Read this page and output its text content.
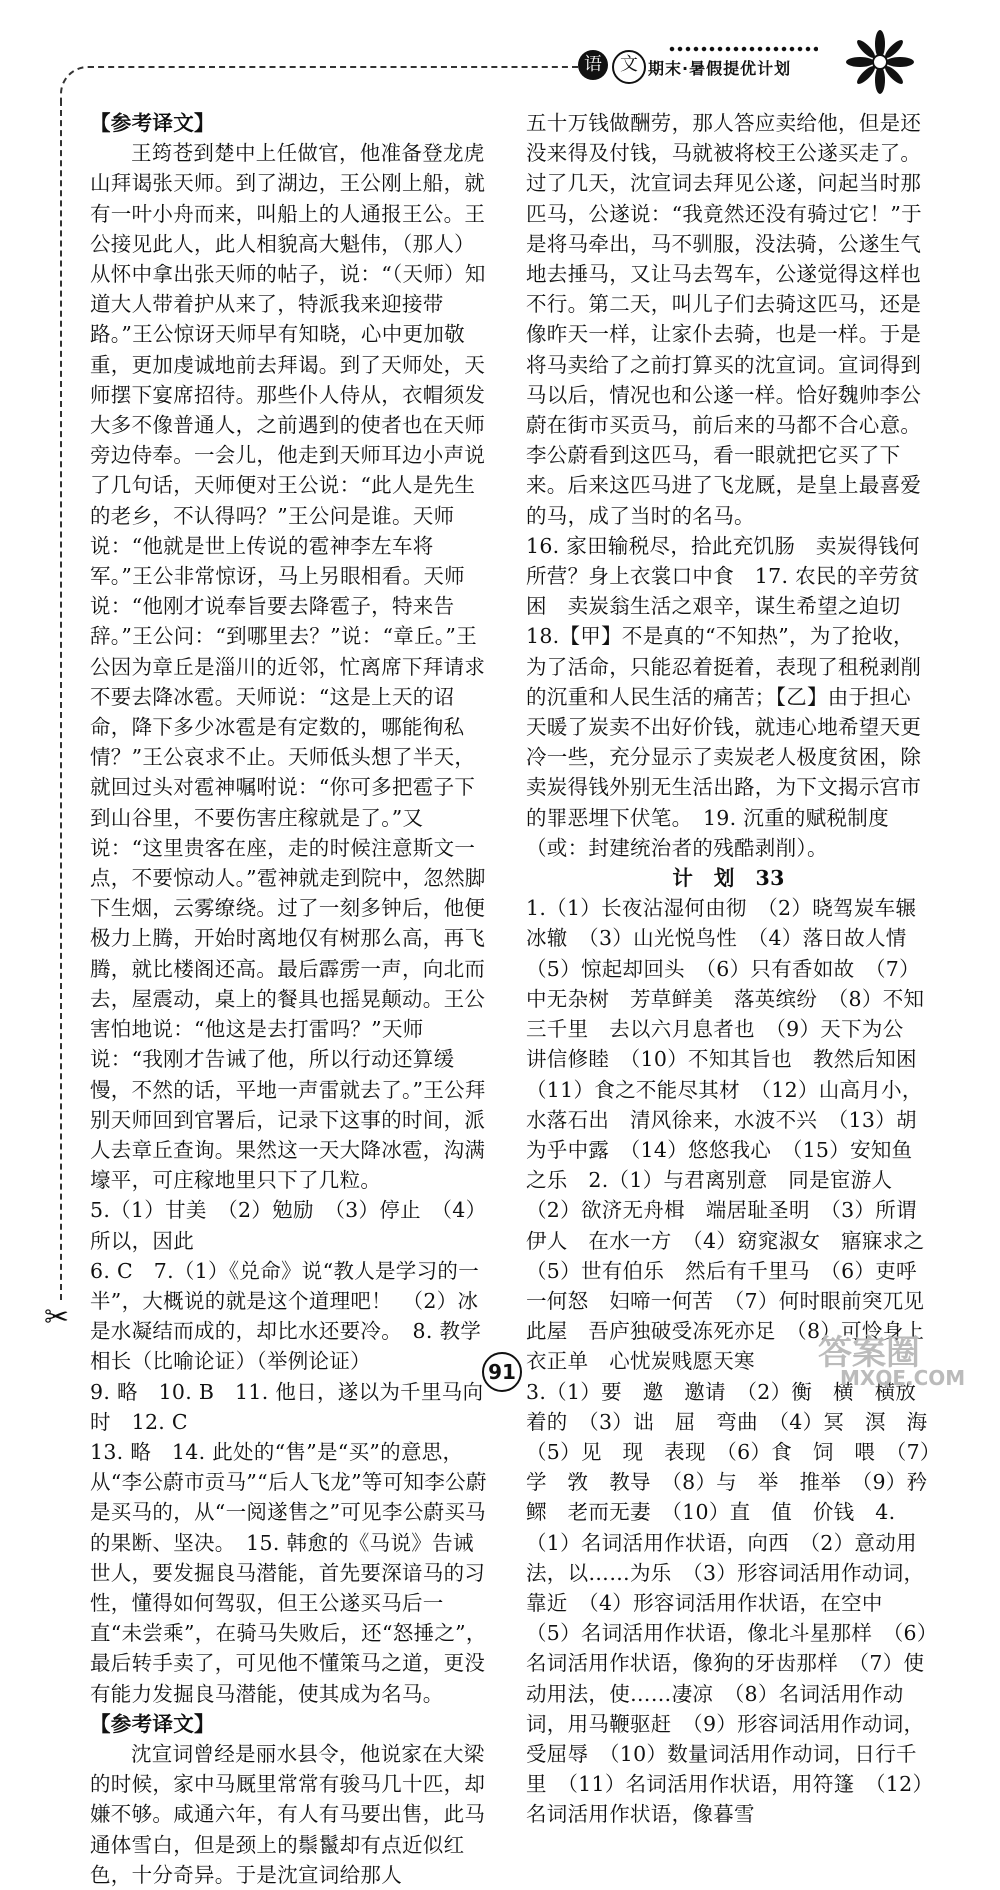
语	文 期末·暑假提优计划

【参考译文】

王筠苍到楚中上任做官，他准备登龙虎山拜谒张天师。到了湖边，王公刚上船，就有一叶小舟而来，叫船上的人通报王公。王公接见此人，此人相貌高大魁伟，（那人）从怀中拿出张天师的帖子，说：“（天师）知道大人带着护从来了，特派我来迎接带路。”王公惊讶天师早有知晓，心中更加敬重，更加虔诚地前去拜谒。到了天师处，天师摆下宴席招待。那些仆人侍从，衣帽须发大多不像普通人，之前遇到的使者也在天师旁边侍奉。一会儿，他走到天师耳边小声说了几句话，天师便对王公说：“此人是先生的老乡，不认得吗？”王公问是谁。天师说：“他就是世上传说的雹神李左车将军。”王公非常惊讶，马上另眼相看。天师说：“他刚才说奉旨要去降雹子，特来告辞。”王公问：“到哪里去？”说：“章丘。”王公因为章丘是淄川的近邻，忙离席下拜请求不要去降冰雹。天师说：“这是上天的诏命，降下多少冰雹是有定数的，哪能徇私情？”王公哀求不止。天师低头想了半天，就回过头对雹神嘱咐说：“你可多把雹子下到山谷里，不要伤害庄稼就是了。”又说：“这里贵客在座，走的时候注意斯文一点，不要惊动人。”雹神就走到院中，忽然脚下生烟，云雾缭绕。过了一刻多钟后，他便极力上腾，开始时离地仅有树那么高，再飞腾，就比楼阁还高。最后霹雳一声，向北而去，屋震动，桌上的餐具也摇晃颠动。王公害怕地说：“他这是去打雷吗？”天师说：“我刚才告诫了他，所以行动还算缓慢，不然的话，平地一声雷就去了。”王公拜别天师回到官署后，记录下这事的时间，派人去章丘查询。果然这一天大降冰雹，沟满壕平，可庄稼地里只下了几粒。

5.（1）甘美　（2）勉励　（3）停止　（4）所以，因此

6. C　7.（1）《兑命》说“教人是学习的一半”，大概说的就是这个道理吧！　（2）冰是水凝结而成的，却比水还要冷。　8. 教学相长（比喻论证）（举例论证）

9. 略　10. B　11. 他日，遂以为千里马向时　12. C

13. 略　14. 此处的“售”是“买”的意思，从“李公蔚市贡马”“后人飞龙”等可知李公蔚是买马的，从“一阅遂售之”可见李公蔚买马的果断、坚决。　15. 韩愈的《马说》告诫世人，要发掘良马潜能，首先要深谙马的习性，懂得如何驾驭，但王公遂买马后一直“未尝乘”，在骑马失败后，还“怒捶之”，最后转手卖了，可见他不懂策马之道，更没有能力发掘良马潜能，使其成为名马。

【参考译文】

沈宣词曾经是丽水县令，他说家在大梁的时候，家中马厩里常常有骏马几十匹，却嫌不够。咸通六年，有人有马要出售，此马通体雪白，但是颈上的鬃鬣却有点近似红色，十分奇异。于是沈宣词给那人

五十万钱做酬劳，那人答应卖给他，但是还没来得及付钱，马就被将校王公遂买走了。过了几天，沈宣词去拜见公遂，问起当时那匹马，公遂说：“我竟然还没有骑过它！”于是将马牵出，马不驯服，没法骑，公遂生气地去捶马，又让马去驾车，公遂觉得这样也不行。第二天，叫儿子们去骑这匹马，还是像昨天一样，让家仆去骑，也是一样。于是将马卖给了之前打算买的沈宣词。宣词得到马以后，情况也和公遂一样。恰好魏帅李公蔚在街市买贡马，前后来的马都不合心意。李公蔚看到这匹马，看一眼就把它买了下来。后来这匹马进了飞龙厩，是皇上最喜爱的马，成了当时的名马。

16. 家田输税尽，拾此充饥肠　卖炭得钱何所营？身上衣裳口中食　17. 农民的辛劳贫困　卖炭翁生活之艰辛，谋生希望之迫切　18.【甲】不是真的“不知热”，为了抢收，为了活命，只能忍着挺着，表现了租税剥削的沉重和人民生活的痛苦；【乙】由于担心天暖了炭卖不出好价钱，就违心地希望天更冷一些，充分显示了卖炭老人极度贫困，除卖炭得钱外别无生活出路，为下文揭示宫市的罪恶埋下伏笔。　19. 沉重的赋税制度（或：封建统治者的残酷剥削）。

计　划　33

1.（1）长夜沾湿何由彻　（2）晓驾炭车辗冰辙　（3）山光悦鸟性　（4）落日故人情　（5）惊起却回头　（6）只有香如故　（7）中无杂树　芳草鲜美　落英缤纷　（8）不知三千里　去以六月息者也　（9）天下为公　讲信修睦　（10）不知其旨也　教然后知困　（11）食之不能尽其材　（12）山高月小，水落石出　清风徐来，水波不兴　（13）胡为乎中露　（14）悠悠我心　（15）安知鱼之乐　2.（1）与君离别意　同是宦游人　（2）欲济无舟楫　端居耻圣明　（3）所谓伊人　在水一方　（4）窈窕淑女　寤寐求之　（5）世有伯乐　然后有千里马　（6）吏呼一何怒　妇啼一何苦　（7）何时眼前突兀见此屋　吾庐独破受冻死亦足　（8）可怜身上衣正单　心忧炭贱愿天寒

3.（1）要　邀　邀请　（2）衡　横　横放着的　（3）诎　屈　弯曲　（4）冥　溟　海　（5）见　现　表现　（6）食　饲　喂　（7）学　敩　教导　（8）与　举　推举　（9）矜　鳏　老而无妻　（10）直　值　价钱　4.（1）名词活用作状语，向西　（2）意动用法，以……为乐　（3）形容词活用作动词，靠近　（4）形容词活用作状语，在空中　（5）名词活用作状语，像北斗星那样　（6）名词活用作状语，像狗的牙齿那样　（7）使动用法，使……凄凉　（8）名词活用作动词，用马鞭驱赶　（9）形容词活用作动词，受屈辱　（10）数量词活用作动词，日行千里　（11）名词活用作状语，用符篷　（12）名词活用作状语，像暮雪

✂
91	答案圈
MXQE.COM
